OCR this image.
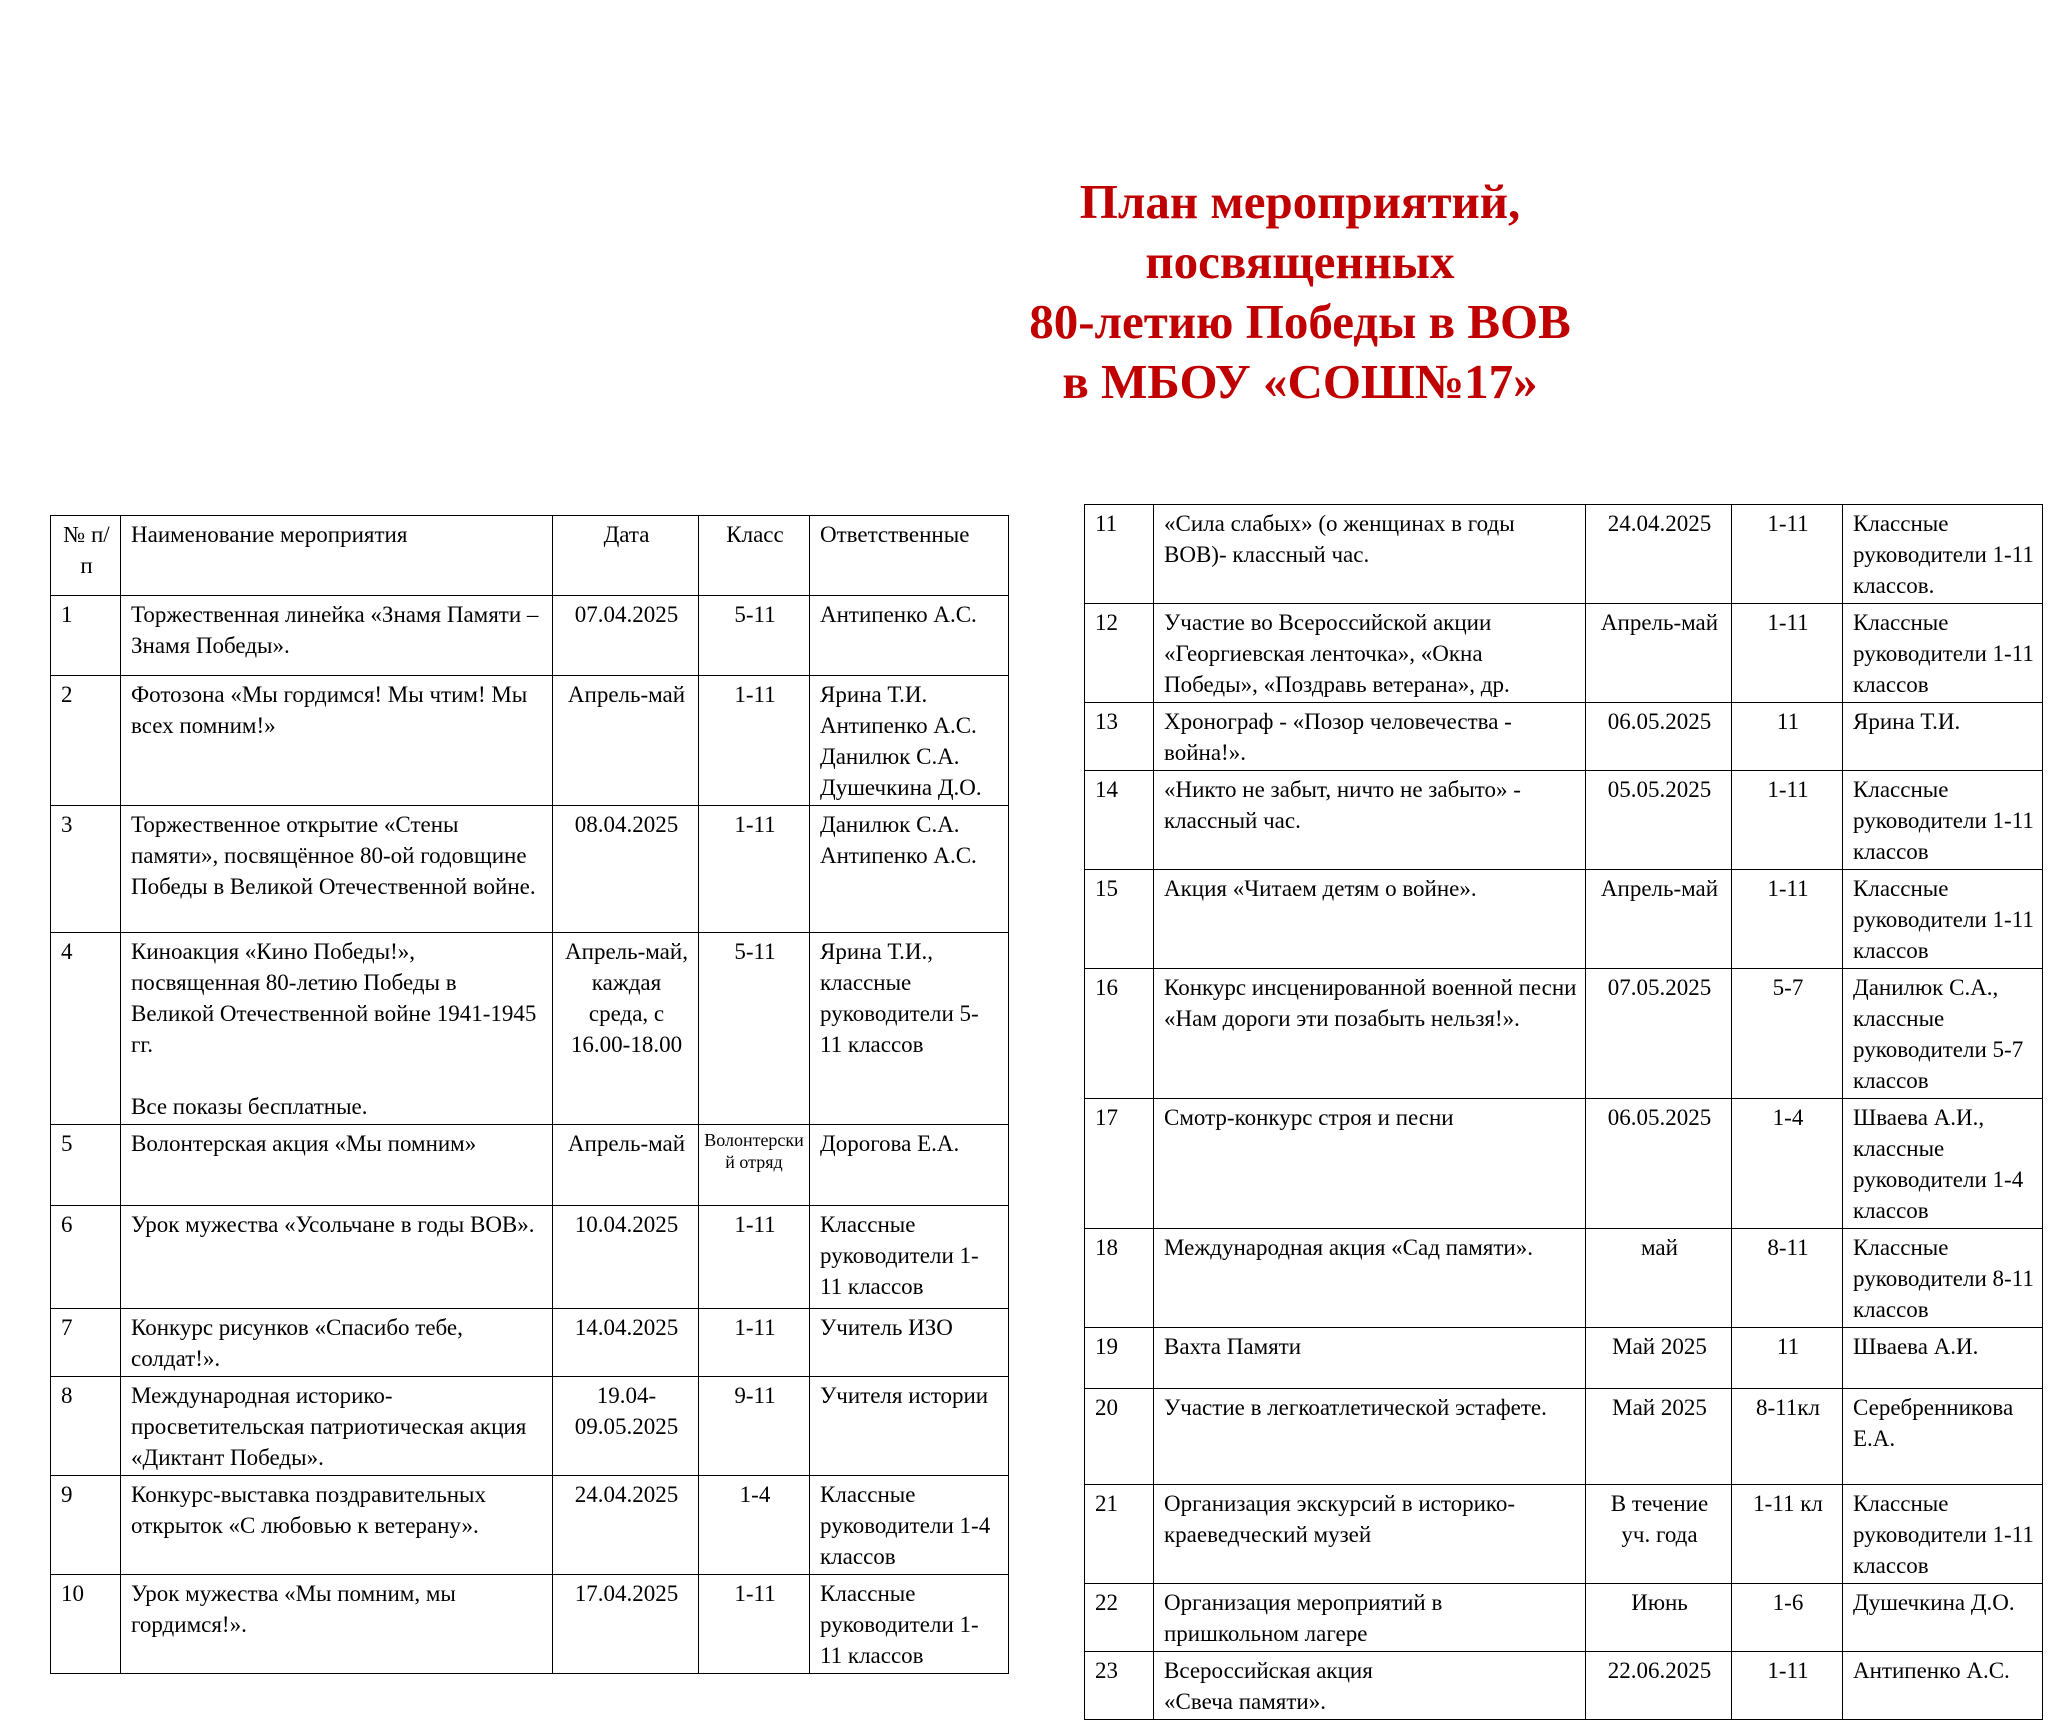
План мероприятий,
посвященных
80-летию Победы в ВОВ
в МБОУ «СОШ№17»
№ п/п	Наименование мероприятия	Дата	Класс	Ответственные
1	Торжественная линейка «Знамя Памяти – Знамя Победы».	07.04.2025	5-11	Антипенко А.С.
2	Фотозона «Мы гордимся! Мы чтим! Мы всех помним!»	Апрель-май	1-11	Ярина Т.И.
Антипенко А.С.
Данилюк С.А.
Душечкина Д.О.
3	Торжественное открытие «Стены памяти», посвящённое 80-ой годовщине Победы в Великой Отечественной войне.	08.04.2025	1-11	Данилюк С.А.
Антипенко А.С.
4	Киноакция «Кино Победы!», посвященная 80-летию Победы в Великой Отечественной войне 1941-1945 гг.

Все показы бесплатные.	Апрель-май, каждая среда, с 16.00-18.00	5-11	Ярина Т.И., классные руководители 5-11 классов
5	Волонтерская акция «Мы помним»	Апрель-май	Волонтерский отряд	Дорогова Е.А.
6	Урок мужества «Усольчане в годы ВОВ».	10.04.2025	1-11	Классные руководители 1-11 классов
7	Конкурс рисунков «Спасибо тебе, солдат!».	14.04.2025	1-11	Учитель ИЗО
8	Международная историко-просветительская патриотическая акция «Диктант Победы».	19.04-09.05.2025	9-11	Учителя истории
9	Конкурс-выставка поздравительных открыток «С любовью к ветерану».	24.04.2025	1-4	Классные руководители 1-4 классов
10	Урок мужества «Мы помним, мы гордимся!».	17.04.2025	1-11	Классные руководители 1-11 классов
11	«Сила слабых» (о женщинах в годы ВОВ)- классный час.	24.04.2025	1-11	Классные руководители 1-11 классов.
12	Участие во Всероссийской акции «Георгиевская ленточка», «Окна Победы», «Поздравь ветерана», др.	Апрель-май	1-11	Классные руководители 1-11 классов
13	Хронограф - «Позор человечества - война!».	06.05.2025	11	Ярина Т.И.
14	«Никто не забыт, ничто не забыто» - классный час.	05.05.2025	1-11	Классные руководители 1-11 классов
15	Акция «Читаем детям о войне».	Апрель-май	1-11	Классные руководители 1-11 классов
16	Конкурс инсценированной военной песни «Нам дороги эти позабыть нельзя!».	07.05.2025	5-7	Данилюк С.А., классные руководители 5-7 классов
17	Смотр-конкурс строя и песни	06.05.2025	1-4	Шваева А.И., классные руководители 1-4 классов
18	Международная акция «Сад памяти».	май	8-11	Классные руководители 8-11 классов
19	Вахта Памяти	Май 2025	11	Шваева А.И.
20	Участие в легкоатлетической эстафете.	Май 2025	8-11кл	Серебренникова Е.А.
21	Организация экскурсий в историко-краеведческий музей	В течение уч. года	1-11 кл	Классные руководители 1-11 классов
22	Организация мероприятий в пришкольном лагере	Июнь	1-6	Душечкина Д.О.
23	Всероссийская акция
«Свеча памяти».	22.06.2025	1-11	Антипенко А.С.
